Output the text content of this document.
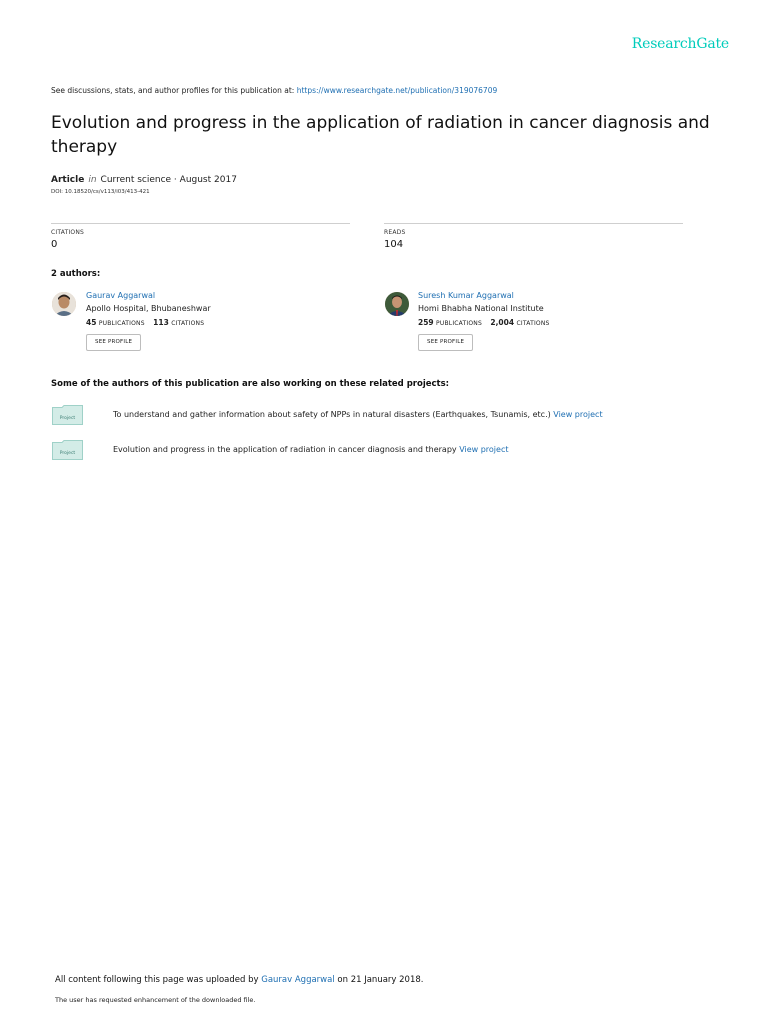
ResearchGate
See discussions, stats, and author profiles for this publication at: https://www.researchgate.net/publication/319076709
Evolution and progress in the application of radiation in cancer diagnosis and therapy
Article in Current science · August 2017
DOI: 10.18520/cs/v113/i03/413-421
CITATIONS
0
READS
104
2 authors:
Gaurav Aggarwal
Apollo Hospital, Bhubaneshwar
45 PUBLICATIONS 113 CITATIONS
SEE PROFILE
Suresh Kumar Aggarwal
Homi Bhabha National Institute
259 PUBLICATIONS 2,004 CITATIONS
SEE PROFILE
Some of the authors of this publication are also working on these related projects:
Project	To understand and gather information about safety of NPPs in natural disasters (Earthquakes, Tsunamis, etc.) View project
Project	Evolution and progress in the application of radiation in cancer diagnosis and therapy View project
All content following this page was uploaded by Gaurav Aggarwal on 21 January 2018.
The user has requested enhancement of the downloaded file.
